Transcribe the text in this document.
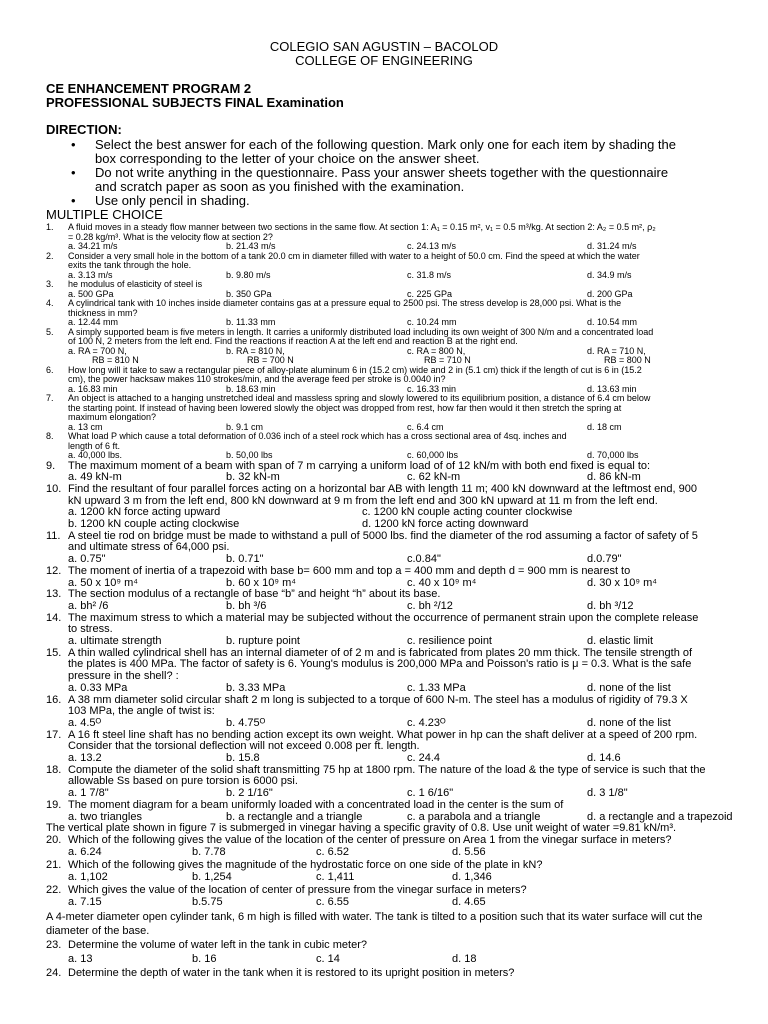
COLEGIO SAN AGUSTIN – BACOLOD
COLLEGE OF ENGINEERING
CE ENHANCEMENT PROGRAM 2
PROFESSIONAL SUBJECTS FINAL Examination
DIRECTION:
• Select the best answer for each of the following question. Mark only one for each item by shading the
box corresponding to the letter of your choice on the answer sheet.
• Do not write anything in the questionnaire. Pass your answer sheets together with the questionnaire
and scratch paper as soon as you finished with the examination.
• Use only pencil in shading.
MULTIPLE CHOICE
1. A fluid moves in a steady flow manner between two sections in the same flow. At section 1: A₁ = 0.15 m², v₁ = 0.5 m³/kg. At section 2: A₂ = 0.5 m², ρ₂
= 0.28 kg/m³. What is the velocity flow at section 2?
a. 34.21 m/s	b. 21.43 m/s	c. 24.13 m/s	d. 31.24 m/s
2. Consider a very small hole in the bottom of a tank 20.0 cm in diameter filled with water to a height of 50.0 cm. Find the speed at which the water
exits the tank through the hole.
a. 3.13 m/s	b. 9.80 m/s	c. 31.8 m/s	d. 34.9 m/s
3. he modulus of elasticity of steel is
a. 500 GPa	b. 350 GPa	c. 225 GPa	d. 200 GPa
4. A cylindrical tank with 10 inches inside diameter contains gas at a pressure equal to 2500 psi. The stress develop is 28,000 psi. What is the
thickness in mm?
a. 12.44 mm	b. 11.33 mm	c. 10.24 mm	d. 10.54 mm
5. A simply supported beam is five meters in length. It carries a uniformly distributed load including its own weight of 300 N/m and a concentrated load
of 100 N, 2 meters from the left end. Find the reactions if reaction A at the left end and reaction B at the right end.
a. RA = 700 N,	b. RA = 810 N,	c. RA = 800 N,	d. RA = 710 N,
RB = 810 N	RB = 700 N	RB = 710 N	RB = 800 N
6. How long will it take to saw a rectangular piece of alloy-plate aluminum 6 in (15.2 cm) wide and 2 in (5.1 cm) thick if the length of cut is 6 in (15.2
cm), the power hacksaw makes 110 strokes/min, and the average feed per stroke is 0.0040 in?
a. 16.83 min	b. 18.63 min	c. 16.33 min	d. 13.63 min
7. An object is attached to a hanging unstretched ideal and massless spring and slowly lowered to its equilibrium position, a distance of 6.4 cm below
the starting point. If instead of having been lowered slowly the object was dropped from rest, how far then would it then stretch the spring at
maximum elongation?
a. 13 cm	b. 9.1 cm	c. 6.4 cm	d. 18 cm
8. What load P which cause a total deformation of 0.036 inch of a steel rock which has a cross sectional area of 4sq. inches and
length of 6 ft.
a. 40,000 lbs.	b. 50,00 lbs	c. 60,000 lbs	d. 70,000 lbs
9. The maximum moment of a beam with span of 7 m carrying a uniform load of of 12 kN/m with both end fixed is equal to:
a. 49 kN-m	b. 32 kN-m	c. 62 kN-m	d. 86 kN-m
10. Find the resultant of four parallel forces acting on a horizontal bar AB with length 11 m; 400 kN downward at the leftmost end, 900
kN upward 3 m from the left end, 800 kN downward at 9 m from the left end and 300 kN upward at 11 m from the left end.
a. 1200 kN force acting upward	c. 1200 kN couple acting counter clockwise
b. 1200 kN couple acting clockwise	d. 1200 kN force acting downward
11. A steel tie rod on bridge must be made to withstand a pull of 5000 lbs. find the diameter of the rod assuming a factor of safety of 5
and ultimate stress of 64,000 psi.
a. 0.75"	b. 0.71"	c.0.84"	d.0.79"
12. The moment of inertia of a trapezoid with base b= 600 mm and top a = 400 mm and depth d = 900 mm is nearest to
a. 50 x 10⁹ m⁴	b. 60 x 10⁹ m⁴	c. 40 x 10⁹ m⁴	d. 30 x 10⁹ m⁴
13. The section modulus of a rectangle of base “b” and height “h” about its base.
a. bh² /6	b. bh ³/6	c. bh ²/12	d. bh ³/12
14. The maximum stress to which a material may be subjected without the occurrence of permanent strain upon the complete release
to stress.
a. ultimate strength	b. rupture point	c. resilience point	d. elastic limit
15. A thin walled cylindrical shell has an internal diameter of of 2 m and is fabricated from plates 20 mm thick. The tensile strength of
the plates is 400 MPa. The factor of safety is 6. Young's modulus is 200,000 MPa and Poisson's ratio is μ = 0.3. What is the safe
pressure in the shell? :
a. 0.33 MPa	b. 3.33 MPa	c. 1.33 MPa	d. none of the list
16. A 38 mm diameter solid circular shaft 2 m long is subjected to a torque of 600 N-m. The steel has a modulus of rigidity of 79.3 X
103 MPa, the angle of twist is:
a. 4.5ᴼ	b. 4.75ᴼ	c. 4.23ᴼ	d. none of the list
17. A 16 ft steel line shaft has no bending action except its own weight. What power in hp can the shaft deliver at a speed of 200 rpm.
Consider that the torsional deflection will not exceed 0.008 per ft. length.
a. 13.2	b. 15.8	c. 24.4	d. 14.6
18. Compute the diameter of the solid shaft transmitting 75 hp at 1800 rpm. The nature of the load & the type of service is such that the
allowable Ss based on pure torsion is 6000 psi.
a. 1 7/8"	b. 2 1/16"	c. 1 6/16"	d. 3 1/8"
19. The moment diagram for a beam uniformly loaded with a concentrated load in the center is the sum of
a. two triangles	b. a rectangle and a triangle	c. a parabola and a triangle	d. a rectangle and a trapezoid
The vertical plate shown in figure 7 is submerged in vinegar having a specific gravity of 0.8. Use unit weight of water =9.81 kN/m³.
20. Which of the following gives the value of the location of the center of pressure on Area 1 from the vinegar surface in meters?
a. 6.24	b. 7.78	c. 6.52	d. 5.56
21. Which of the following gives the magnitude of the hydrostatic force on one side of the plate in kN?
a. 1,102	b. 1,254	c. 1,411	d. 1,346
22. Which gives the value of the location of center of pressure from the vinegar surface in meters?
a. 7.15	b.5.75	c. 6.55	d. 4.65
A 4-meter diameter open cylinder tank, 6 m high is filled with water. The tank is tilted to a position such that its water surface will cut the
diameter of the base.
23. Determine the volume of water left in the tank in cubic meter?
a. 13	b. 16	c. 14	d. 18
24. Determine the depth of water in the tank when it is restored to its upright position in meters?
